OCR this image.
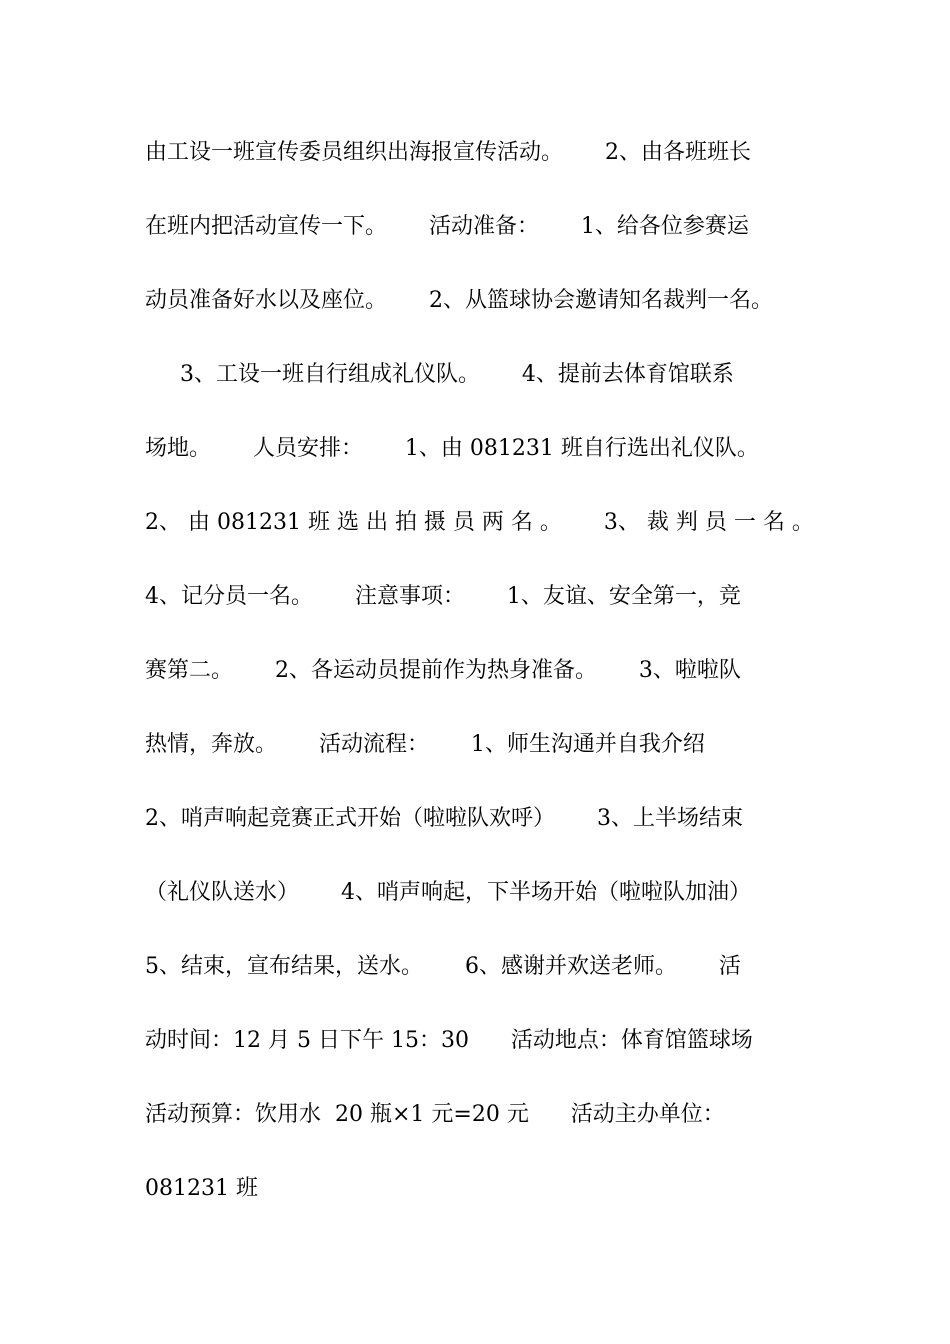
由工设一班宣传委员组织出海报宣传活动。      2、由各班班长
在班内把活动宣传一下。      活动准备：      1、给各位参赛运
动员准备好水以及座位。      2、从篮球协会邀请知名裁判一名。
3、工设一班自行组成礼仪队。      4、提前去体育馆联系
场地。      人员安排：      1、由 081231 班自行选出礼仪队。
2、 由 081231 班 选 出 拍 摄 员 两 名 。      3、 裁 判 员 一 名 。
4、记分员一名。      注意事项：      1、友谊、安全第一，竞
赛第二。      2、各运动员提前作为热身准备。      3、啦啦队
热情，奔放。      活动流程：      1、师生沟通并自我介绍
2、哨声响起竞赛正式开始（啦啦队欢呼）      3、上半场结束
（礼仪队送水）      4、哨声响起，下半场开始（啦啦队加油）
5、结束，宣布结果，送水。      6、感谢并欢送老师。      活
动时间：12 月 5 日下午 15：30      活动地点：体育馆篮球场
活动预算：饮用水  20 瓶×1 元=20 元      活动主办单位：
081231 班
